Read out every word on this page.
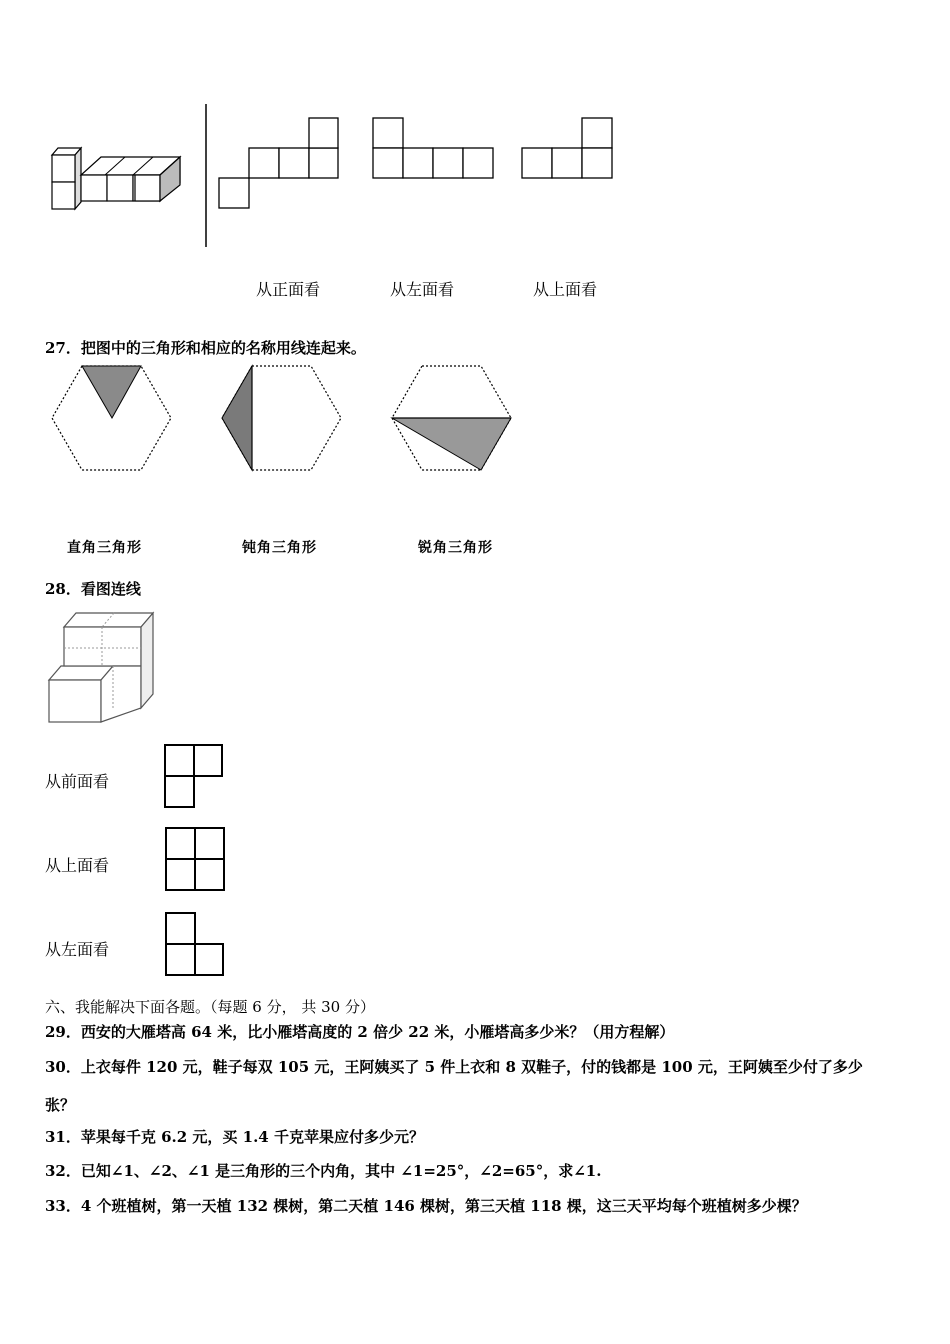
从正面看	从左面看	从上面看
27．把图中的三角形和相应的名称用线连起来。
直角三角形	钝角三角形	锐角三角形
28．看图连线
从前面看
从上面看
从左面看
六、我能解决下面各题。（每题 6 分， 共 30 分）
29．西安的大雁塔高 64 米，比小雁塔高度的 2 倍少 22 米，小雁塔高多少米？（用方程解）
30．上衣每件 120 元，鞋子每双 105 元，王阿姨买了 5 件上衣和 8 双鞋子，付的钱都是 100 元，王阿姨至少付了多少
张？
31．苹果每千克 6.2 元，买 1.4 千克苹果应付多少元？
32．已知∠1、∠2、∠1 是三角形的三个内角，其中 ∠1=25°，∠2=65°，求∠1.
33．4 个班植树，第一天植 132 棵树，第二天植 146 棵树，第三天植 118 棵，这三天平均每个班植树多少棵？
